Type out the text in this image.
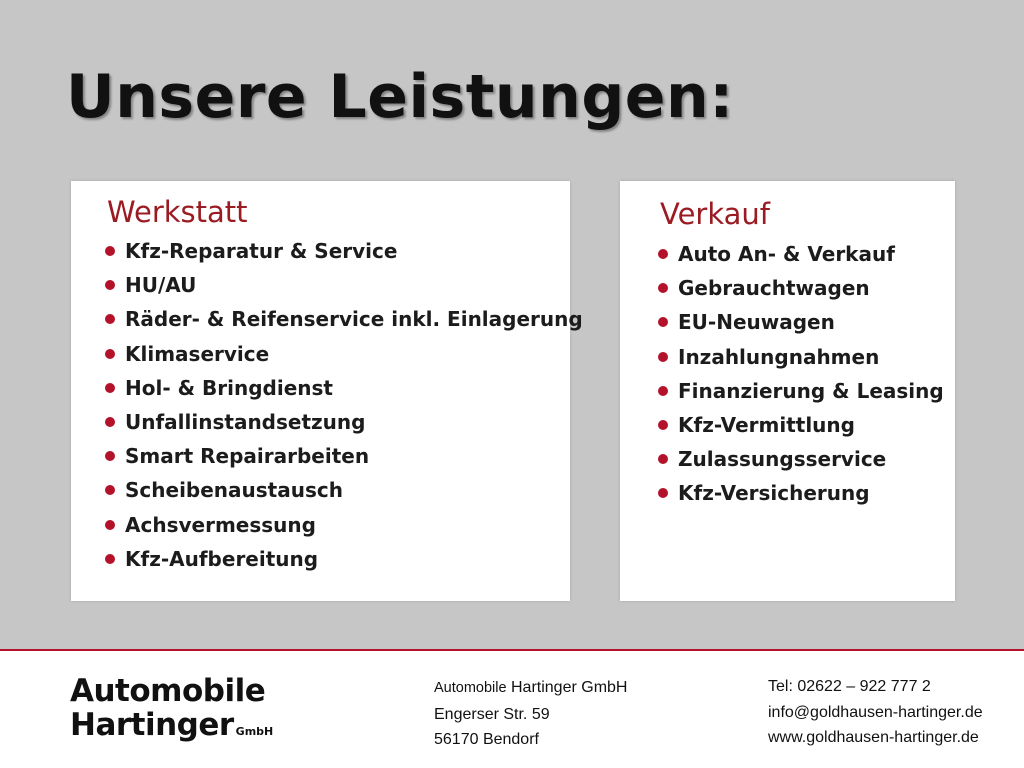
Unsere Leistungen:
Werkstatt
Kfz-Reparatur & Service
HU/AU
Räder- & Reifenservice inkl. Einlagerung
Klimaservice
Hol- & Bringdienst
Unfallinstandsetzung
Smart Repairarbeiten
Scheibenaustausch
Achsvermessung
Kfz-Aufbereitung
Verkauf
Auto An- & Verkauf
Gebrauchtwagen
EU-Neuwagen
Inzahlungnahmen
Finanzierung & Leasing
Kfz-Vermittlung
Zulassungsservice
Kfz-Versicherung
Automobile
Hartinger GmbH
Automobile Hartinger GmbH
Engerser Str. 59
56170 Bendorf
Tel: 02622 – 922 777 2
info@goldhausen-hartinger.de
www.goldhausen-hartinger.de
